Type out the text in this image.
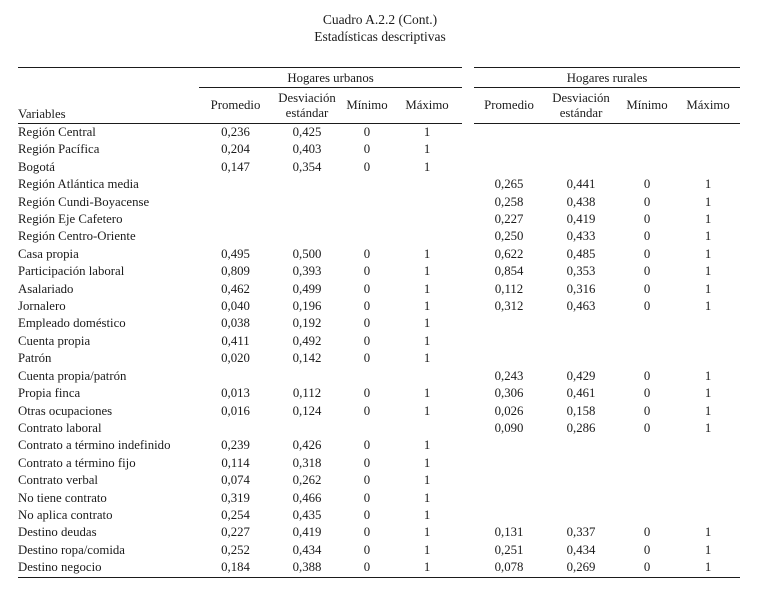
Cuadro A.2.2 (Cont.)
Estadísticas descriptivas
Variables	Hogares urbanos					Hogares rurales			
	Promedio	Desviación estándar	Mínimo	Máximo		Promedio	Desviación estándar	Mínimo	Máximo
Región Central	0,236	0,425	0	1					
Región Pacífica	0,204	0,403	0	1					
Bogotá	0,147	0,354	0	1					
Región Atlántica media						0,265	0,441	0	1
Región Cundi-Boyacense						0,258	0,438	0	1
Región Eje Cafetero						0,227	0,419	0	1
Región Centro-Oriente						0,250	0,433	0	1
Casa propia	0,495	0,500	0	1		0,622	0,485	0	1
Participación laboral	0,809	0,393	0	1		0,854	0,353	0	1
Asalariado	0,462	0,499	0	1		0,112	0,316	0	1
Jornalero	0,040	0,196	0	1		0,312	0,463	0	1
Empleado doméstico	0,038	0,192	0	1					
Cuenta propia	0,411	0,492	0	1					
Patrón	0,020	0,142	0	1					
Cuenta propia/patrón						0,243	0,429	0	1
Propia finca	0,013	0,112	0	1		0,306	0,461	0	1
Otras ocupaciones	0,016	0,124	0	1		0,026	0,158	0	1
Contrato laboral						0,090	0,286	0	1
Contrato a término indefinido	0,239	0,426	0	1					
Contrato a término fijo	0,114	0,318	0	1					
Contrato verbal	0,074	0,262	0	1					
No tiene contrato	0,319	0,466	0	1					
No aplica contrato	0,254	0,435	0	1					
Destino deudas	0,227	0,419	0	1		0,131	0,337	0	1
Destino ropa/comida	0,252	0,434	0	1		0,251	0,434	0	1
Destino negocio	0,184	0,388	0	1		0,078	0,269	0	1
